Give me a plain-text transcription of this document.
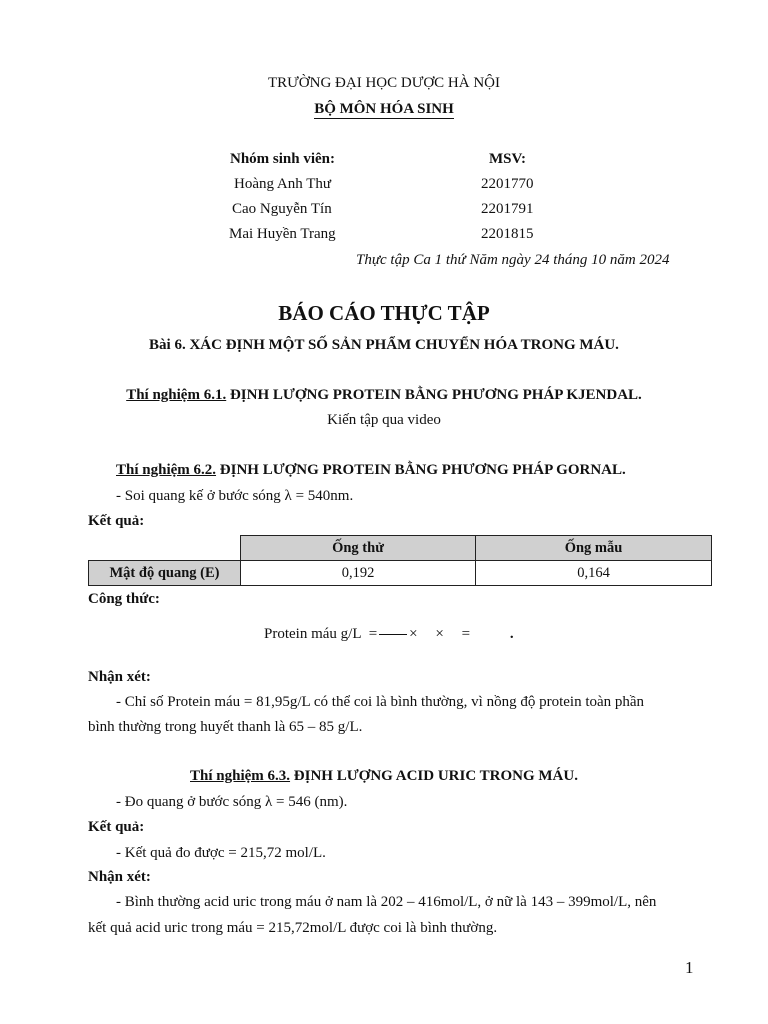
TRƯỜNG ĐẠI HỌC DƯỢC HÀ NỘI
BỘ MÔN HÓA SINH
Nhóm sinh viên:	MSV:
Hoàng Anh Thư	2201770
Cao Nguyễn Tín	2201791
Mai Huyền Trang	2201815
Thực tập Ca 1 thứ Năm ngày 24 tháng 10 năm 2024
BÁO CÁO THỰC TẬP
Bài 6. XÁC ĐỊNH MỘT SỐ SẢN PHẨM CHUYỂN HÓA TRONG MÁU.
Thí nghiệm 6.1. ĐỊNH LƯỢNG PROTEIN BẰNG PHƯƠNG PHÁP KJENDAL.
Kiến tập qua video
Thí nghiệm 6.2. ĐỊNH LƯỢNG PROTEIN BẰNG PHƯƠNG PHÁP GORNAL.
- Soi quang kế ở bước sóng λ = 540nm.
Kết quả:
	Ống thử	Ống mẫu
Mật độ quang (E)	0,192	0,164
Công thức:
Protein máu g/L = × × =	.
Nhận xét:
- Chỉ số Protein máu = 81,95g/L có thể coi là bình thường, vì nồng độ protein toàn phần
bình thường trong huyết thanh là 65 – 85 g/L.
Thí nghiệm 6.3. ĐỊNH LƯỢNG ACID URIC TRONG MÁU.
- Đo quang ở bước sóng λ = 546 (nm).
Kết quả:
- Kết quả đo được = 215,72 mol/L.
Nhận xét:
- Bình thường acid uric trong máu ở nam là 202 – 416mol/L, ở nữ là 143 – 399mol/L, nên
kết quả acid uric trong máu = 215,72mol/L được coi là bình thường.
1
